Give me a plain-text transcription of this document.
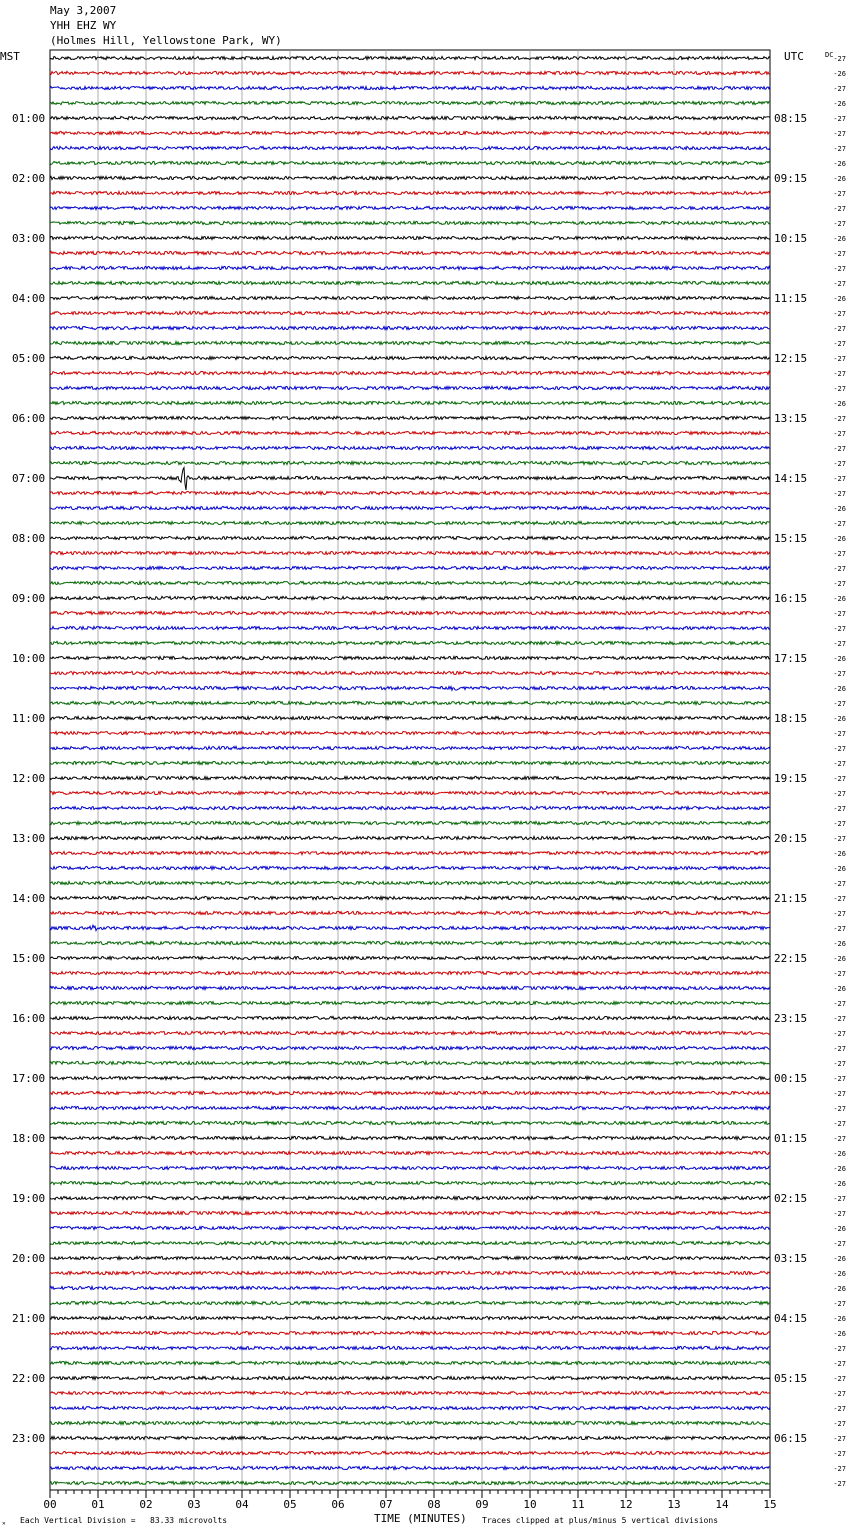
May 3,2007
YHH EHZ WY
(Holmes Hill, Yellowstone Park, WY)
00	01	02	03	04	05	06	07	08	09	10	11	12	13	14	15
-27
-26
-27
-26
-27
01:00	08:15
-27
-27
-26
-26
02:00	09:15
-27
-27
-27
-26
03:00	10:15
-27
-27
-27
-26
04:00	11:15
-27
-27
-27
-27
05:00	12:15
-27
-27
-26
-27
06:00	13:15
-27
-27
-27
-27
07:00	14:15
-27
-26
-27
-26
08:00	15:15
-27
-27
-27
-26
09:00	16:15
-27
-27
-27
-26
10:00	17:15
-27
-26
-27
-26
11:00	18:15
-27
-27
-27
-27
12:00	19:15
-27
-27
-27
-27
13:00	20:15
-26
-26
-27
-27
14:00	21:15
-27
-27
-26
-26
15:00	22:15
-27
-26
-27
-27
16:00	23:15
-27
-27
-27
-27
17:00	00:15
-27
-27
-27
-27
18:00	01:15
-26
-26
-26
-27
19:00	02:15
-27
-26
-27
-26
20:00	03:15
-26
-26
-27
-26
21:00	04:15
-26
-27
-27
-27
22:00	05:15
-27
-27
-27
-27
23:00	06:15
-27
-27
-27
MST	UTC	DC
Each Vertical Division =   83.33 microvolts	TIME (MINUTES) Traces clipped at plus/minus 5 vertical divisions
✕
